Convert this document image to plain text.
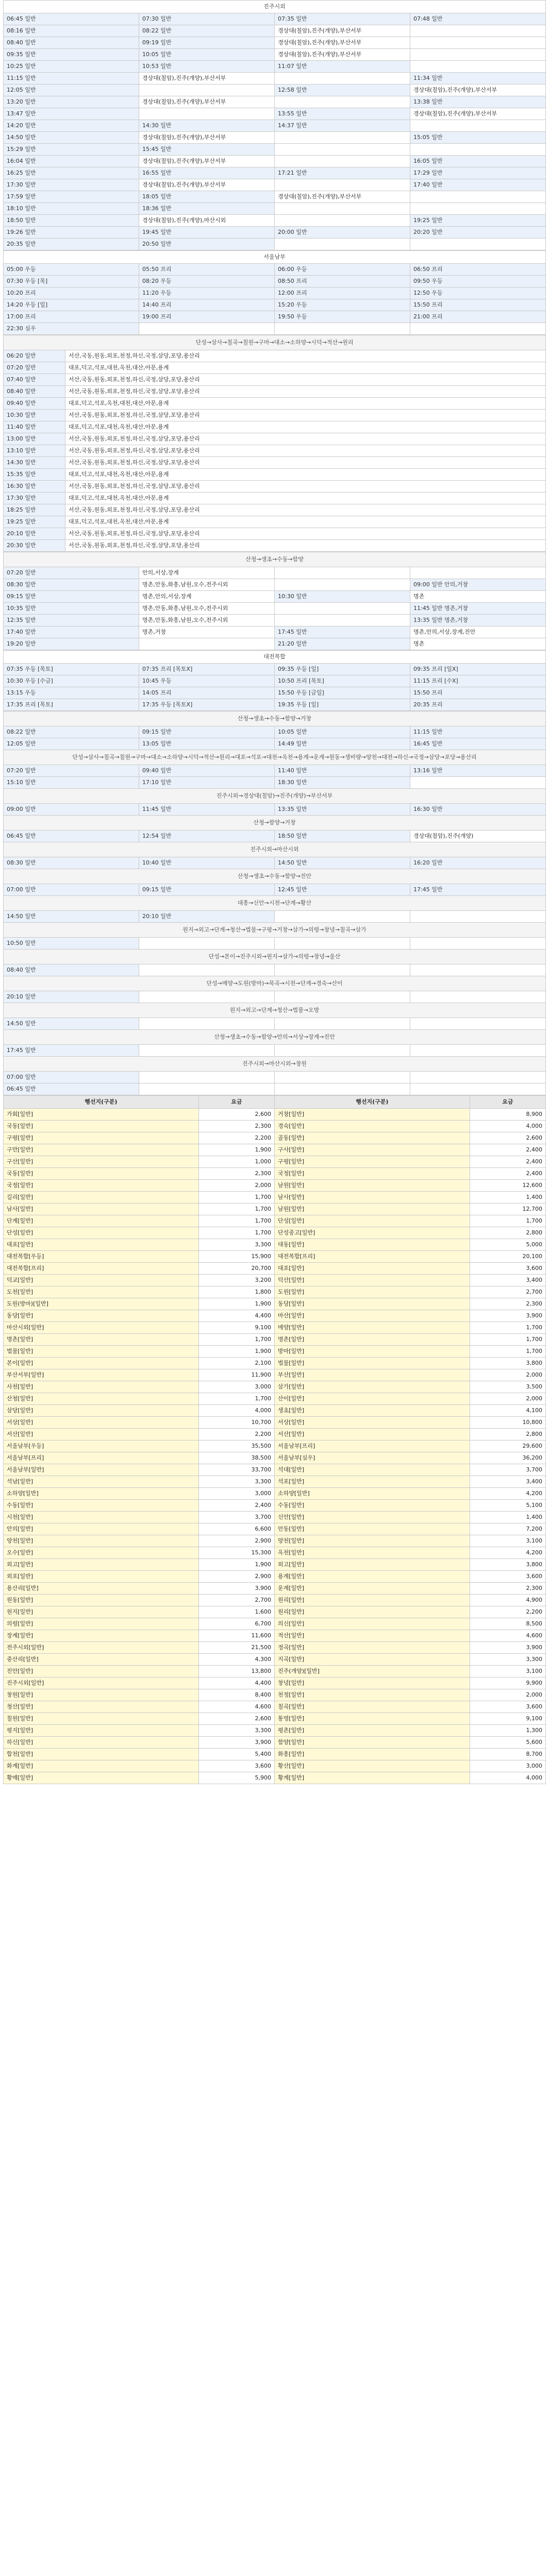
진주시외			
06:45 일반	07:30 일반	07:35 일반	07:48 일반
08:16 일반	08:22 일반	경상대(칠암),진주(개양),부산서부	
08:40 일반	09:19 일반	경상대(칠암),진주(개양),부산서부	
09:35 일반	10:05 일반	경상대(칠암),진주(개양),부산서부	
10:25 일반	10:53 일반	11:07 일반	
11:15 일반	경상대(칠암),진주(개양),부산서부		11:34 일반
12:05 일반		12:58 일반	경상대(칠암),진주(개양),부산서부
13:20 일반	경상대(칠암),진주(개양),부산서부		13:38 일반
13:47 일반		13:55 일반	경상대(칠암),진주(개양),부산서부
14:20 일반	14:30 일반	14:37 일반	
14:50 일반	경상대(칠암),진주(개양),부산서부		15:05 일반
15:29 일반	15:45 일반		
16:04 일반	경상대(칠암),진주(개양),부산서부		16:05 일반
16:25 일반	16:55 일반	17:21 일반	17:29 일반
17:30 일반	경상대(칠암),진주(개양),부산서부		17:40 일반
17:59 일반	18:05 일반	경상대(칠암),진주(개양),부산서부	
18:10 일반	18:36 일반		
18:50 일반	경상대(칠암),진주(개양),마산시외		19:25 일반
19:26 일반	19:45 일반	20:00 일반	20:20 일반
20:35 일반	20:50 일반		
서울남부			
05:00 우등	05:50 프리	06:00 우등	06:50 프리
07:30 우등 [목]	08:20 우등	08:50 프리	09:50 우등
10:20 프리	11:20 우등	12:00 프리	12:50 우등
14:20 우등 [일]	14:40 프리	15:20 우등	15:50 프리
17:00 프리	19:00 프리	19:50 우등	21:00 프리
22:30 심우			
단성→삼사→칠곡→칠원→구마→대소→소하양→시덕→적산→원리	
06:20 일반	서산,국동,원동,외포,천정,하신,국정,삼당,포당,용산리
07:20 일반	대포,덕고,석포,대천,옥천,대산,아문,용계
07:40 일반	서산,국동,원동,외포,천정,하신,국정,삼당,포당,용산리
08:40 일반	서산,국동,원동,외포,천정,하신,국정,삼당,포당,용산리
09:40 일반	대포,덕고,석포,옥천,대천,대산,아문,용계
10:30 일반	서산,국동,원동,외포,천정,하신,국정,삼당,포당,용산리
11:40 일반	대포,덕고,석포,대천,옥천,대산,아문,용계
13:00 일반	서산,국동,원동,외포,천정,하신,국정,삼당,포당,용산리
13:10 일반	서산,국동,원동,외포,천정,하신,국정,삼당,포당,용산리
14:30 일반	서산,국동,원동,외포,천정,하신,국정,삼당,포당,용산리
15:35 일반	대포,덕고,석포,대천,옥천,대산,아문,용계
16:30 일반	서산,국동,원동,외포,천정,하신,국정,삼당,포당,용산리
17:30 일반	대포,덕고,석포,대천,옥천,대산,아문,용계
18:25 일반	서산,국동,원동,외포,천정,하신,국정,삼당,포당,용산리
19:25 일반	대포,덕고,석포,대천,옥천,대산,아문,용계
20:10 일반	서산,국동,원동,외포,천정,하신,국정,삼당,포당,용산리
20:30 일반	서산,국동,원동,외포,천정,하신,국정,삼당,포당,용산리
산청→생초→수동→함양			
07:20 일반	안의,서상,장계		
08:30 일반	명촌,안동,화흥,남원,오수,전주시외		09:00 일반 안의,거창
09:15 일반	명촌,안의,서상,장계	10:30 일반	명촌
10:35 일반	명촌,안동,화흥,남원,오수,전주시외		11:45 일반 명촌,거창
12:35 일반	명촌,안동,화흥,남원,오수,전주시외		13:35 일반 명촌,거창
17:40 일반	명촌,거창	17:45 일반	명촌,안의,서상,장계,진안
19:20 일반		21:20 일반	명촌
대전복합			
07:35 우등 [목토]	07:35 프리 [목토X]	09:35 우등 [일]	09:35 프리 [일X]
10:30 우등 [수금]	10:45 우등	10:50 프리 [목토]	11:15 프리 [수X]
13:15 우등	14:05 프리	15:50 우등 [금일]	15:50 프리
17:35 프리 [목토]	17:35 우등 [목토X]	19:35 우등 [일]	20:35 프리
산청→생초→수동→함양→거창			
08:22 일반	09:15 일반	10:05 일반	11:15 일반
12:05 일반	13:05 일반	14:49 일반	16:45 일반
단성→삼사→칠곡→칠원→구마→대소→소하양→시덕→적산→원리→대포→석포→대천→옥천→용계→운계→원동→생비량→양천→대전→하신→국정→삼당→포당→용산리			
07:20 일반	09:40 일반	11:40 일반	13:16 일반
15:10 일반	17:10 일반	18:30 일반	
진주시외→경상대(칠암)→진주(개양)→부산서부			
09:00 일반	11:45 일반	13:35 일반	16:30 일반
산청→함양→거창			
06:45 일반	12:54 일반	18:50 일반	경상대(칠암),진주(개양)
진주시외→마산시외			
08:30 일반	10:40 일반	14:50 일반	16:20 일반
산청→생초→수동→함양→진안			
07:00 일반	09:15 일반	12:45 일반	17:45 일반
대흥→신안→시천→단계→황산			
14:50 일반	20:10 일반		
원지→외고→단계→청산→법물→구평→거창→삼가→의령→창녕→칠곡→삼가			
10:50 일반			
단성→본이→진주시외→원지→삼가→의령→창녕→울산			
08:40 일반			
단성→매양→도원(방마)→묵곡→시천→단계→경숙→산이			
20:10 일반			
원지→외고→단계→청산→법물→오방			
14:50 일반			
산청→생초→수동→함양→안의→서상→장계→진안			
17:45 일반			
진주시외→마산시외→창원			
07:00 일반			
06:45 일반			
행선지(구분)	요금	행선지(구분)	요금
가회[일반]	2,600	거창[일반]	8,900
국동[일반]	2,300	경숙[일반]	4,000
구평[일반]	2,200	골동[일반]	2,600
구만[일반]	1,900	구사[일반]	2,400
구산[일반]	1,000	구평[일반]	2,400
국동[일반]	2,300	국정[일반]	2,400
국정[일반]	2,000	남원[일반]	12,600
길리[일반]	1,700	남사[일반]	1,400
남사[일반]	1,700	남원[일반]	12,700
단계[일반]	1,700	단성[일반]	1,700
단성[일반]	1,700	단성중고[일반]	2,800
대포[일반]	3,300	대동[일반]	5,000
대전복합[우등]	15,900	대전복합[프리]	20,100
대전복합[프리]	20,700	대포[일반]	3,600
덕교[일반]	3,200	덕산[일반]	3,400
도천[일반]	1,800	도원[일반]	2,700
도원(방마)[일반]	1,900	동당[일반]	2,300
동당[일반]	4,400	마산[일반]	3,900
마산시외[일반]	9,100	매양[일반]	1,700
명촌[일반]	1,700	명촌[일반]	1,700
법물[일반]	1,900	방마[일반]	1,700
본이[일반]	2,100	법물[일반]	3,800
부산서부[일반]	11,900	부산[일반]	2,000
사천[일반]	3,000	삼가[일반]	3,500
산청[일반]	1,700	산이[일반]	2,000
삼당[일반]	4,000	생초[일반]	4,100
서상[일반]	10,700	서상[일반]	10,800
서산[일반]	2,200	서산[일반]	2,800
서울남부[우등]	35,500	서울남부[프리]	29,600
서울남부[프리]	38,500	서울남부[심우]	36,200
서울남부[일반]	33,700	석대[일반]	3,700
석남[일반]	3,300	석포[일반]	3,400
소하양[일반]	3,000	소하양[일반]	4,200
수동[일반]	2,400	수동[일반]	5,100
시천[일반]	3,700	신안[일반]	1,400
안의[일반]	6,600	안동[일반]	7,200
양천[일반]	2,900	양천[일반]	3,100
오수[일반]	15,300	옥천[일반]	4,200
외고[일반]	1,900	외고[일반]	3,800
외포[일반]	2,900	용계[일반]	3,600
용산리[일반]	3,900	운계[일반]	2,300
원동[일반]	2,700	원리[일반]	4,900
원지[일반]	1,600	원리[일반]	2,200
의령[일반]	6,700	의신[일반]	8,500
장계[일반]	11,600	적산[일반]	4,600
전주시외[일반]	21,500	정곡[일반]	3,900
중산리[일반]	4,300	지곡[일반]	3,300
진안[일반]	13,800	진주(개양)[일반]	3,100
진주시외[일반]	4,400	창녕[일반]	9,900
창원[일반]	8,400	천정[일반]	2,000
청산[일반]	4,600	칠곡[일반]	3,600
칠원[일반]	2,600	통영[일반]	9,100
평지[일반]	3,300	평촌[일반]	1,300
하신[일반]	3,900	함양[일반]	5,600
합천[일반]	5,400	화흥[일반]	8,700
화계[일반]	3,600	황산[일반]	3,000
황매[일반]	5,900	황계[일반]	4,000
